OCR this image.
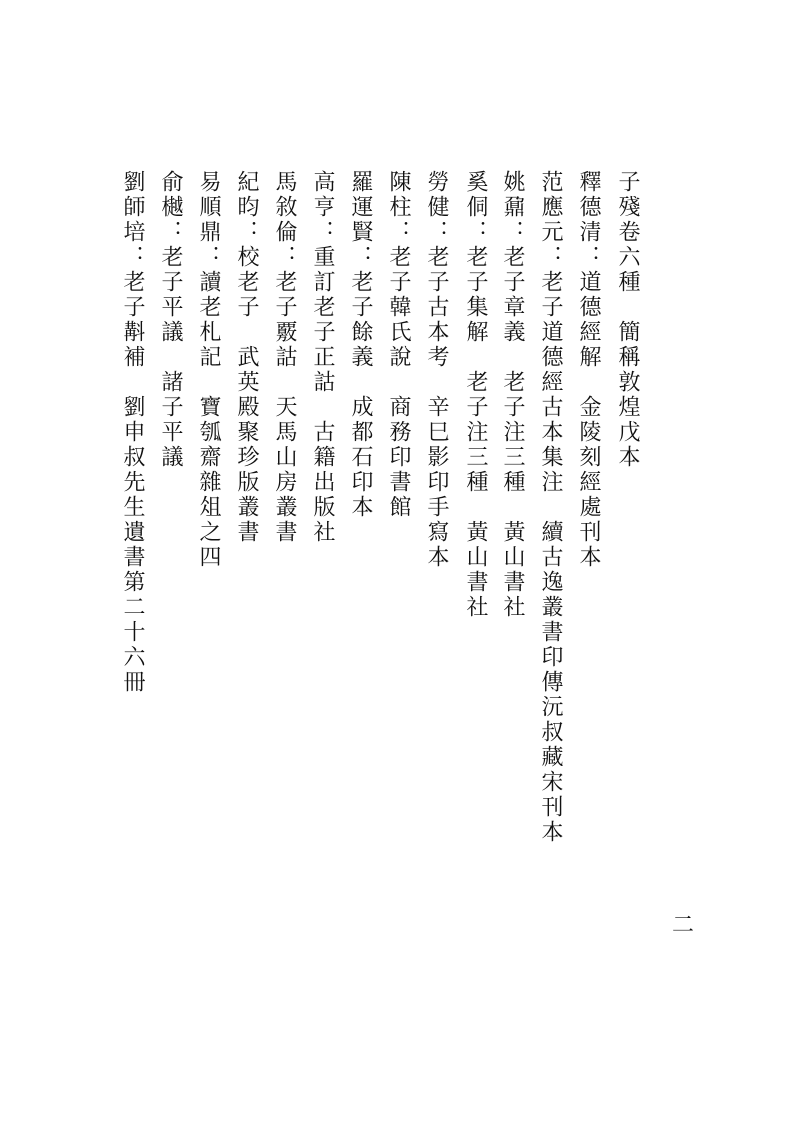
子殘卷六種　簡稱敦煌戊本
釋德清：道德經解　金陵刻經處刊本
范應元：老子道德經古本集注　續古逸叢書印傳沅叔藏宋刊本
姚鼐：老子章義　老子注三種　黃山書社
奚侗：老子集解　老子注三種　黃山書社
勞健：老子古本考　辛巳影印手寫本
陳柱：老子韓氏說　商務印書館
羅運賢：老子餘義　成都石印本
高亨：重訂老子正詁　古籍出版社
馬敘倫：老子覈詁　天馬山房叢書
紀昀：校老子　武英殿聚珍版叢書
易順鼎：讀老札記　寶瓠齋雜俎之四
俞樾：老子平議　諸子平議
劉師培：老子斠補　劉申叔先生遺書第二十六冊
二
